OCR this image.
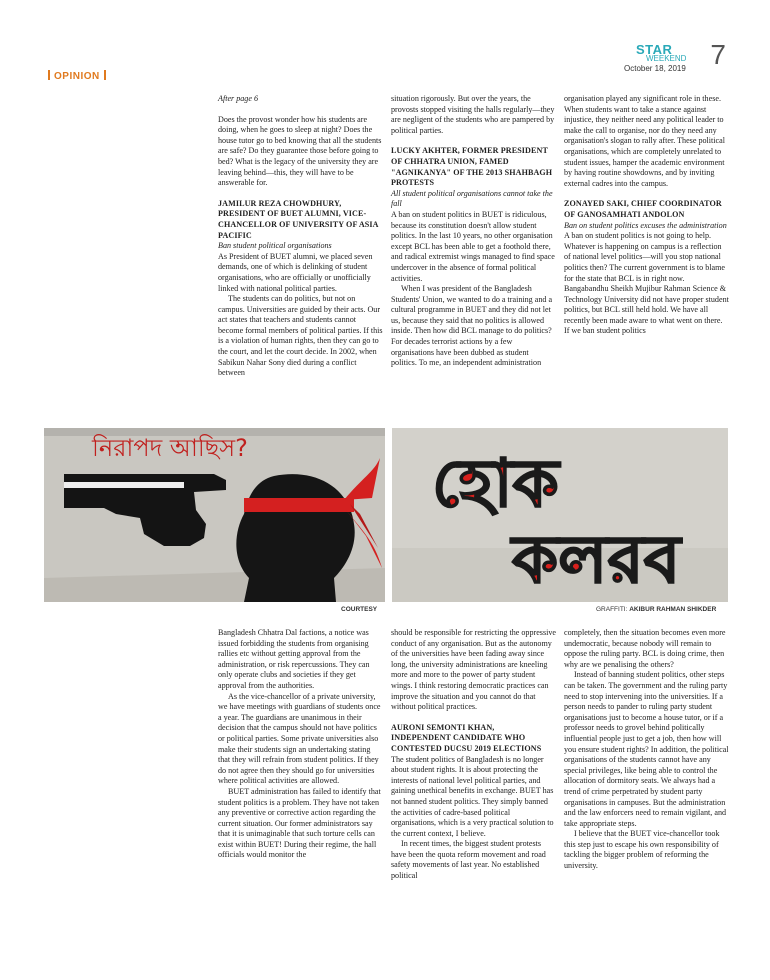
OPINION
STAR
WEEKEND
October 18, 2019 7

After page 6

Does the provost wonder how his students are doing, when he goes to sleep at night? Does the house tutor go to bed knowing that all the students are safe? Do they guarantee those before going to bed? What is the legacy of the university they are leaving behind—this, they will have to be answerable for.

JAMILUR REZA CHOWDHURY, PRESIDENT OF BUET ALUMNI, VICE-CHANCELLOR OF UNIVERSITY OF ASIA PACIFIC

Ban student political organisations

As President of BUET alumni, we placed seven demands, one of which is delinking of student organisations, who are officially or unofficially linked with national political parties.

The students can do politics, but not on campus. Universities are guided by their acts. Our act states that teachers and students cannot become formal members of political parties. If this is a violation of human rights, then they can go to the court, and let the court decide. In 2002, when Sabikun Nahar Sony died during a conflict between

situation rigorously. But over the years, the provosts stopped visiting the halls regularly—they are negligent of the students who are pampered by political parties.

LUCKY AKHTER, FORMER PRESIDENT OF CHHATRA UNION, FAMED "AGNIKANYA" OF THE 2013 SHAHBAGH PROTESTS

All student political organisations cannot take the fall

A ban on student politics in BUET is ridiculous, because its constitution doesn't allow student politics. In the last 10 years, no other organisation except BCL has been able to get a foothold there, and radical extremist wings managed to find space undercover in the absence of formal political activities.

When I was president of the Bangladesh Students' Union, we wanted to do a training and a cultural programme in BUET and they did not let us, because they said that no politics is allowed inside. Then how did BCL manage to do politics? For decades terrorist actions by a few organisations have been dubbed as student politics. To me, an independent administration

organisation played any significant role in these. When students want to take a stance against injustice, they neither need any political leader to make the call to organise, nor do they need any organisation's slogan to rally after. These political organisations, which are completely unrelated to student issues, hamper the academic environment by having routine showdowns, and by inviting external cadres into the campus.

ZONAYED SAKI, CHIEF COORDINATOR OF GANOSAMHATI ANDOLON

Ban on student politics excuses the administration

A ban on student politics is not going to help. Whatever is happening on campus is a reflection of national level politics—will you stop national politics then? The current government is to blame for the state that BCL is in right now.

Bangabandhu Sheikh Mujibur Rahman Science & Technology University did not have proper student politics, but BCL still held hold. We have all recently been made aware to what went on there. If we ban student politics

নিরাপদ আছিস?	হোক
কলরব
COURTESY	GRAFFITI: AKIBUR RAHMAN SHIKDER

Bangladesh Chhatra Dal factions, a notice was issued forbidding the students from organising rallies etc without getting approval from the administration, or risk repercussions. They can only operate clubs and societies if they get approval from the authorities.

As the vice-chancellor of a private university, we have meetings with guardians of students once a year. The guardians are unanimous in their decision that the campus should not have politics or political parties. Some private universities also make their students sign an undertaking stating that they will refrain from student politics. If they do not agree then they should go for universities where political activities are allowed.

BUET administration has failed to identify that student politics is a problem. They have not taken any preventive or corrective action regarding the current situation. Our former administrators say that it is unimaginable that such torture cells can exist within BUET! During their regime, the hall officials would monitor the

should be responsible for restricting the oppressive conduct of any organisation. But as the autonomy of the universities have been fading away since long, the university administrations are kneeling more and more to the power of party student wings. I think restoring democratic practices can improve the situation and you cannot do that without political practices.

AURONI SEMONTI KHAN, INDEPENDENT CANDIDATE WHO CONTESTED DUCSU 2019 ELECTIONS

The student politics of Bangladesh is no longer about student rights. It is about protecting the interests of national level political parties, and gaining unethical benefits in exchange. BUET has not banned student politics. They simply banned the activities of cadre-based political organisations, which is a very practical solution to the current context, I believe.

In recent times, the biggest student protests have been the quota reform movement and road safety movements of last year. No established political

completely, then the situation becomes even more undemocratic, because nobody will remain to oppose the ruling party. BCL is doing crime, then why are we penalising the others?

Instead of banning student politics, other steps can be taken. The government and the ruling party need to stop intervening into the universities. If a person needs to pander to ruling party student organisations just to become a house tutor, or if a professor needs to grovel behind politically influential people just to get a job, then how will you ensure student rights? In addition, the political organisations of the students cannot have any special privileges, like being able to control the allocation of dormitory seats. We always had a trend of crime perpetrated by student party organisations in campuses. But the administration and the law enforcers need to remain vigilant, and take appropriate steps.

I believe that the BUET vice-chancellor took this step just to escape his own responsibility of tackling the bigger problem of reforming the university.
